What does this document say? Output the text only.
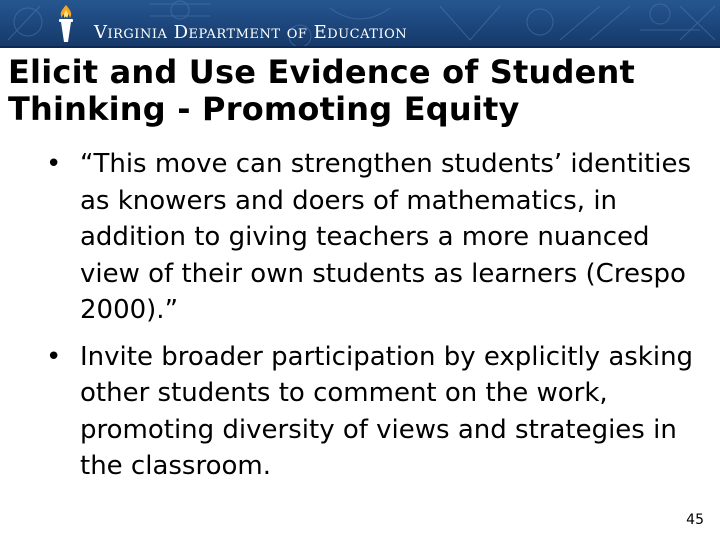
Virginia Department of Education
Elicit and Use Evidence of Student Thinking - Promoting Equity
• “This move can strengthen students’ identities as knowers and doers of mathematics, in addition to giving teachers a more nuanced view of their own students as learners (Crespo 2000).”
• Invite broader participation by explicitly asking other students to comment on the work, promoting diversity of views and strategies in the classroom.
45
